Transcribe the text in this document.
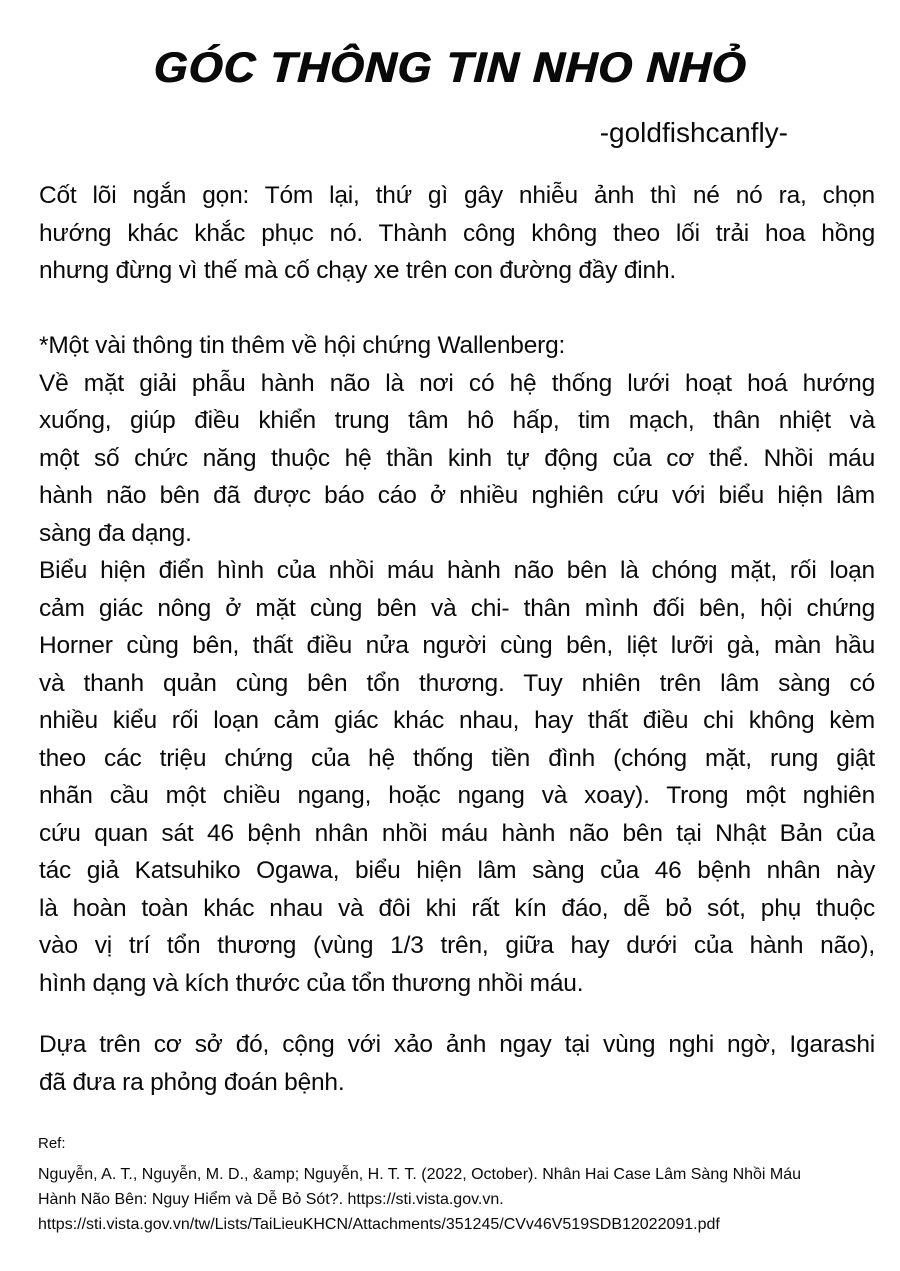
GÓC THÔNG TIN NHO NHỎ
-goldfishcanfly-
Cốt lõi ngắn gọn: Tóm lại, thứ gì gây nhiễu ảnh thì né nó ra, chọn
hướng khác khắc phục nó. Thành công không theo lối trải hoa hồng
nhưng đừng vì thế mà cố chạy xe trên con đường đầy đinh.
*Một vài thông tin thêm về hội chứng Wallenberg:
Về mặt giải phẫu hành não là nơi có hệ thống lưới hoạt hoá hướng
xuống, giúp điều khiển trung tâm hô hấp, tim mạch, thân nhiệt và
một số chức năng thuộc hệ thần kinh tự động của cơ thể. Nhồi máu
hành não bên đã được báo cáo ở nhiều nghiên cứu với biểu hiện lâm
sàng đa dạng.
Biểu hiện điển hình của nhồi máu hành não bên là chóng mặt, rối loạn
cảm giác nông ở mặt cùng bên và chi- thân mình đối bên, hội chứng
Horner cùng bên, thất điều nửa người cùng bên, liệt lưỡi gà, màn hầu
và thanh quản cùng bên tổn thương. Tuy nhiên trên lâm sàng có
nhiều kiểu rối loạn cảm giác khác nhau, hay thất điều chi không kèm
theo các triệu chứng của hệ thống tiền đình (chóng mặt, rung giật
nhãn cầu một chiều ngang, hoặc ngang và xoay). Trong một nghiên
cứu quan sát 46 bệnh nhân nhồi máu hành não bên tại Nhật Bản của
tác giả Katsuhiko Ogawa, biểu hiện lâm sàng của 46 bệnh nhân này
là hoàn toàn khác nhau và đôi khi rất kín đáo, dễ bỏ sót, phụ thuộc
vào vị trí tổn thương (vùng 1/3 trên, giữa hay dưới của hành não),
hình dạng và kích thước của tổn thương nhồi máu.
Dựa trên cơ sở đó, cộng với xảo ảnh ngay tại vùng nghi ngờ, Igarashi
đã đưa ra phỏng đoán bệnh.
Ref:
Nguyễn, A. T., Nguyễn, M. D., &amp; Nguyễn, H. T. T. (2022, October). Nhân Hai Case Lâm Sàng Nhồi Máu
Hành Não Bên: Nguy Hiểm và Dễ Bỏ Sót?. https://sti.vista.gov.vn.
https://sti.vista.gov.vn/tw/Lists/TaiLieuKHCN/Attachments/351245/CVv46V519SDB12022091.pdf
